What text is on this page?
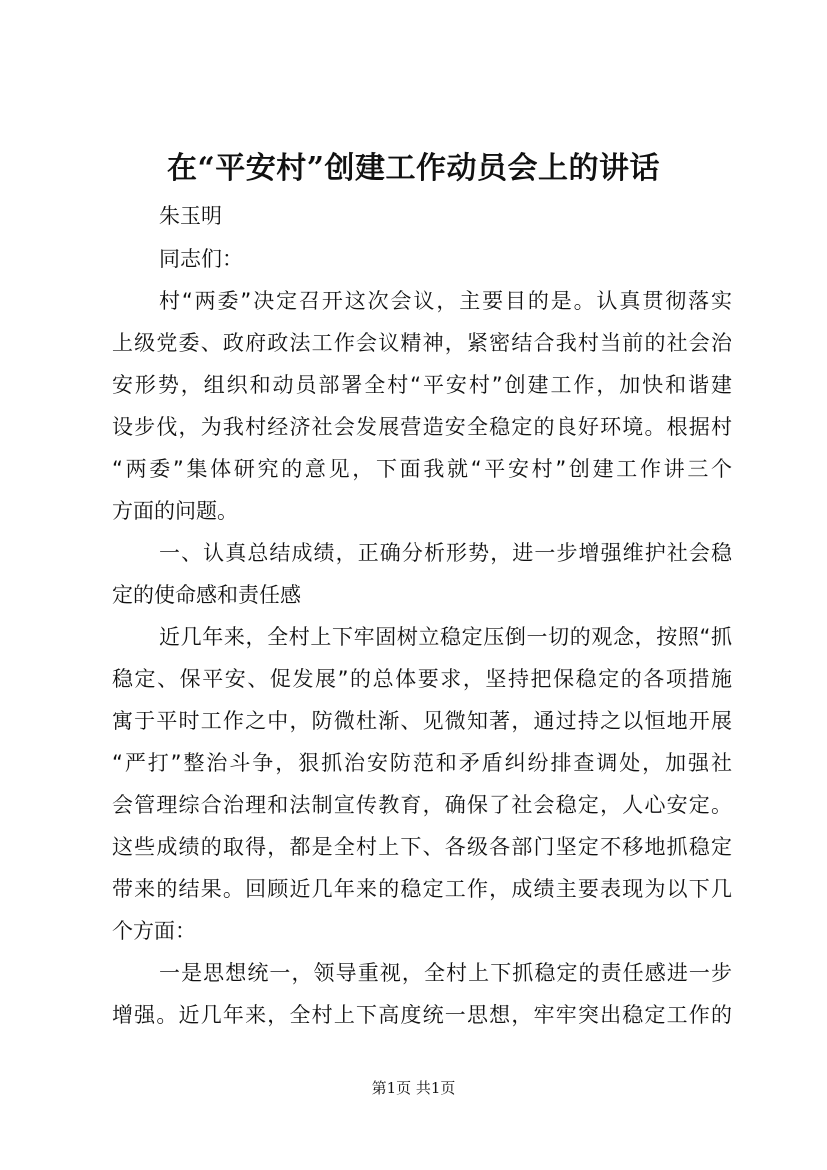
在“平安村”创建工作动员会上的讲话
朱玉明
同志们：
村“两委”决定召开这次会议，主要目的是。认真贯彻落实
上级党委、政府政法工作会议精神，紧密结合我村当前的社会治
安形势，组织和动员部署全村“平安村”创建工作，加快和谐建
设步伐，为我村经济社会发展营造安全稳定的良好环境。根据村
“两委”集体研究的意见，下面我就“平安村”创建工作讲三个
方面的问题。
一、认真总结成绩，正确分析形势，进一步增强维护社会稳
定的使命感和责任感
近几年来，全村上下牢固树立稳定压倒一切的观念，按照“抓
稳定、保平安、促发展”的总体要求，坚持把保稳定的各项措施
寓于平时工作之中，防微杜渐、见微知著，通过持之以恒地开展
“严打”整治斗争，狠抓治安防范和矛盾纠纷排查调处，加强社
会管理综合治理和法制宣传教育，确保了社会稳定，人心安定。
这些成绩的取得，都是全村上下、各级各部门坚定不移地抓稳定
带来的结果。回顾近几年来的稳定工作，成绩主要表现为以下几
个方面：
一是思想统一，领导重视，全村上下抓稳定的责任感进一步
增强。近几年来，全村上下高度统一思想，牢牢突出稳定工作的
第1页 共1页
